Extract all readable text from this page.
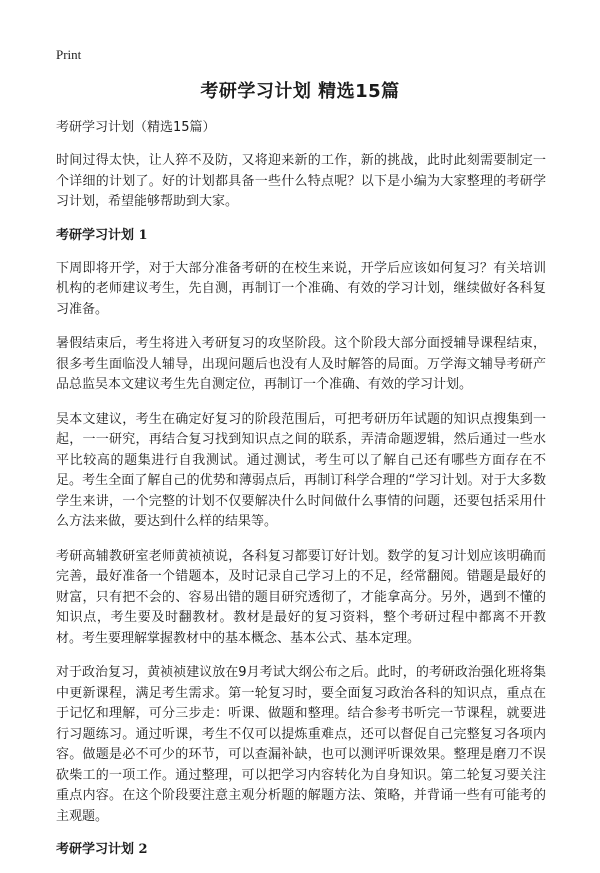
Print
考研学习计划 精选15篇
考研学习计划（精选15篇）

时间过得太快，让人猝不及防，又将迎来新的工作，新的挑战，此时此刻需要制定一个详细的计划了。好的计划都具备一些什么特点呢？以下是小编为大家整理的考研学习计划，希望能够帮助到大家。

考研学习计划 1

下周即将开学，对于大部分准备考研的在校生来说，开学后应该如何复习？有关培训机构的老师建议考生，先自测，再制订一个准确、有效的学习计划，继续做好各科复习准备。

暑假结束后，考生将进入考研复习的攻坚阶段。这个阶段大部分面授辅导课程结束，很多考生面临没人辅导，出现问题后也没有人及时解答的局面。万学海文辅导考研产品总监吴本文建议考生先自测定位，再制订一个准确、有效的学习计划。

吴本文建议，考生在确定好复习的阶段范围后，可把考研历年试题的知识点搜集到一起，一一研究，再结合复习找到知识点之间的联系，弄清命题逻辑，然后通过一些水平比较高的题集进行自我测试。通过测试，考生可以了解自己还有哪些方面存在不足。考生全面了解自己的优势和薄弱点后，再制订科学合理的“学习计划。对于大多数学生来讲，一个完整的计划不仅要解决什么时间做什么事情的问题，还要包括采用什么方法来做，要达到什么样的结果等。

考研高辅教研室老师黄祯祯说，各科复习都要订好计划。数学的复习计划应该明确而完善，最好准备一个错题本，及时记录自己学习上的不足，经常翻阅。错题是最好的财富，只有把不会的、容易出错的题目研究透彻了，才能拿高分。另外，遇到不懂的知识点，考生要及时翻教材。教材是最好的复习资料，整个考研过程中都离不开教材。考生要理解掌握教材中的基本概念、基本公式、基本定理。

对于政治复习，黄祯祯建议放在9月考试大纲公布之后。此时，的考研政治强化班将集中更新课程，满足考生需求。第一轮复习时，要全面复习政治各科的知识点，重点在于记忆和理解，可分三步走：听课、做题和整理。结合参考书听完一节课程，就要进行习题练习。通过听课，考生不仅可以提炼重难点，还可以督促自己完整复习各项内容。做题是必不可少的环节，可以查漏补缺，也可以测评听课效果。整理是磨刀不误砍柴工的一项工作。通过整理，可以把学习内容转化为自身知识。第二轮复习要关注重点内容。在这个阶段要注意主观分析题的解题方法、策略，并背诵一些有可能考的主观题。

考研学习计划 2
